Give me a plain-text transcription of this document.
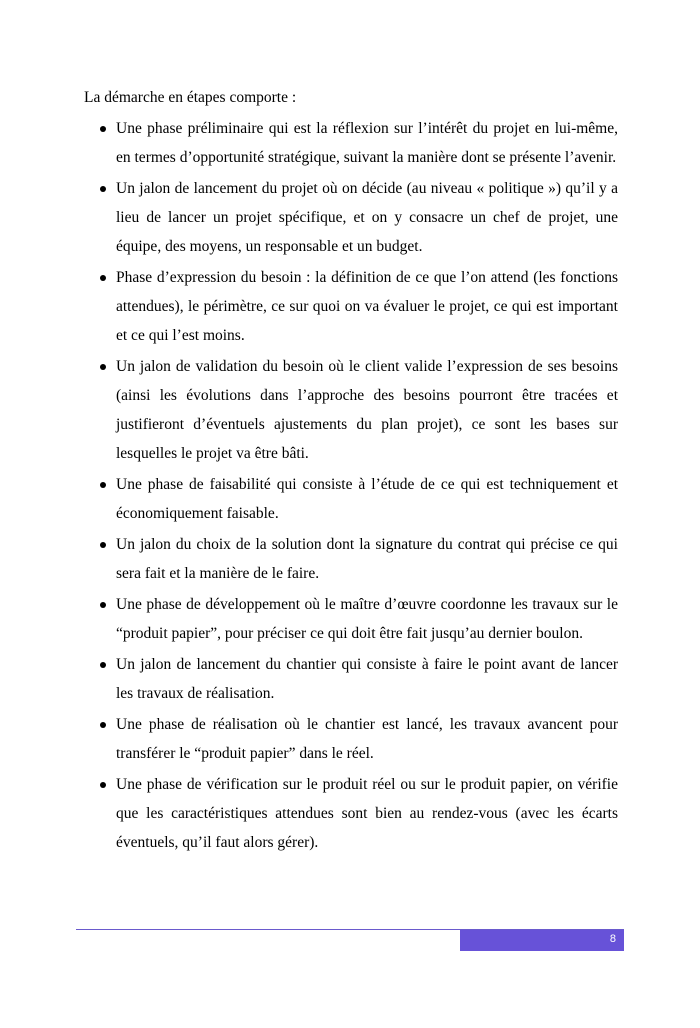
La démarche en étapes comporte :
Une phase préliminaire qui est la réflexion sur l’intérêt du projet en lui-même, en termes d’opportunité stratégique, suivant la manière dont se présente l’avenir.
Un jalon de lancement du projet où on décide (au niveau « politique ») qu’il y a lieu de lancer un projet spécifique, et on y consacre un chef de projet, une équipe, des moyens, un responsable et un budget.
Phase d’expression du besoin : la définition de ce que l’on attend (les fonctions attendues), le périmètre, ce sur quoi on va évaluer le projet, ce qui est important et ce qui l’est moins.
Un jalon de validation du besoin où le client valide l’expression de ses besoins (ainsi les évolutions dans l’approche des besoins pourront être tracées et justifieront d’éventuels ajustements du plan projet), ce sont les bases sur lesquelles le projet va être bâti.
Une phase de faisabilité qui consiste à l’étude de ce qui est techniquement et économiquement faisable.
Un jalon du choix de la solution dont la signature du contrat qui précise ce qui sera fait et la manière de le faire.
Une phase de développement où le maître d’œuvre coordonne les travaux sur le “produit papier”, pour préciser ce qui doit être fait jusqu’au dernier boulon.
Un jalon de lancement du chantier qui consiste à faire le point avant de lancer les travaux de réalisation.
Une phase de réalisation où le chantier est lancé, les travaux avancent pour transférer le “produit papier” dans le réel.
Une phase de vérification sur le produit réel ou sur le produit papier, on vérifie que les caractéristiques attendues sont bien au rendez-vous (avec les écarts éventuels, qu’il faut alors gérer).
8
